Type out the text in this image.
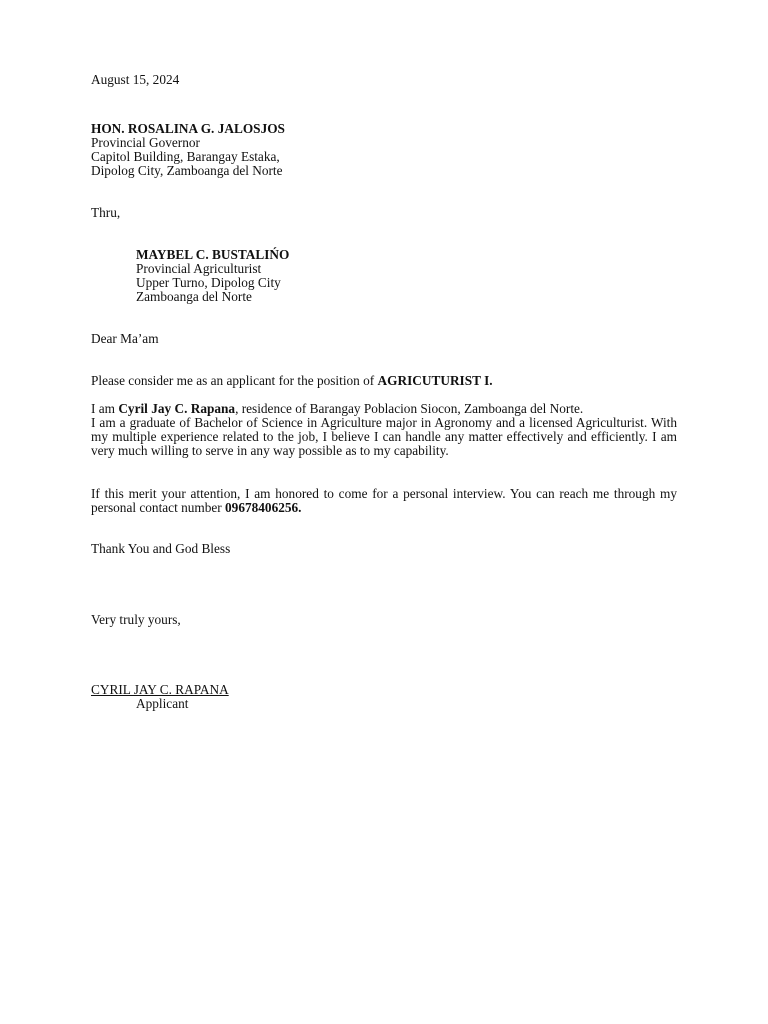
August 15, 2024
HON. ROSALINA G. JALOSJOS
Provincial Governor
Capitol Building, Barangay Estaka,
Dipolog City, Zamboanga del Norte
Thru,
MAYBEL C. BUSTALIŃO
Provincial Agriculturist
Upper Turno, Dipolog City
Zamboanga del Norte
Dear Ma’am
Please consider me as an applicant for the position of AGRICUTURIST I.
I am Cyril Jay C. Rapana, residence of Barangay Poblacion Siocon, Zamboanga del Norte.
I am a graduate of Bachelor of Science in Agriculture major in Agronomy and a licensed Agriculturist. With my multiple experience related to the job, I believe I can handle any matter effectively and efficiently. I am very much willing to serve in any way possible as to my capability.
If this merit your attention, I am honored to come for a personal interview. You can reach me through my personal contact number 09678406256.
Thank You and God Bless
Very truly yours,
CYRIL JAY C. RAPANA
Applicant
